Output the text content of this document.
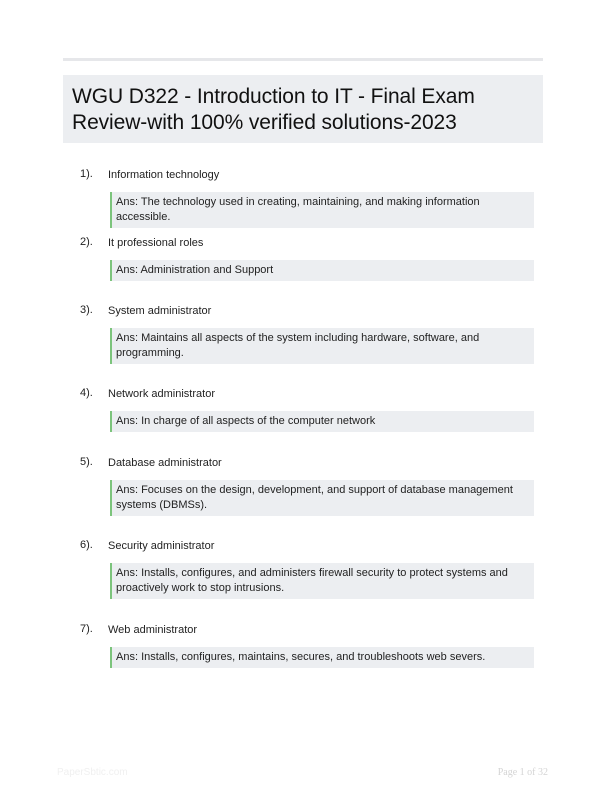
WGU D322 - Introduction to IT - Final Exam Review-with 100% verified solutions-2023
1). Information technology
Ans: The technology used in creating, maintaining, and making information accessible.
2). It professional roles
Ans: Administration and Support
3). System administrator
Ans: Maintains all aspects of the system including hardware, software, and programming.
4). Network administrator
Ans: In charge of all aspects of the computer network
5). Database administrator
Ans: Focuses on the design, development, and support of database management systems (DBMSs).
6). Security administrator
Ans: Installs, configures, and administers firewall security to protect systems and proactively work to stop intrusions.
7). Web administrator
Ans: Installs, configures, maintains, secures, and troubleshoots web severs.
PaperSbtic.com	Page 1 of 32
